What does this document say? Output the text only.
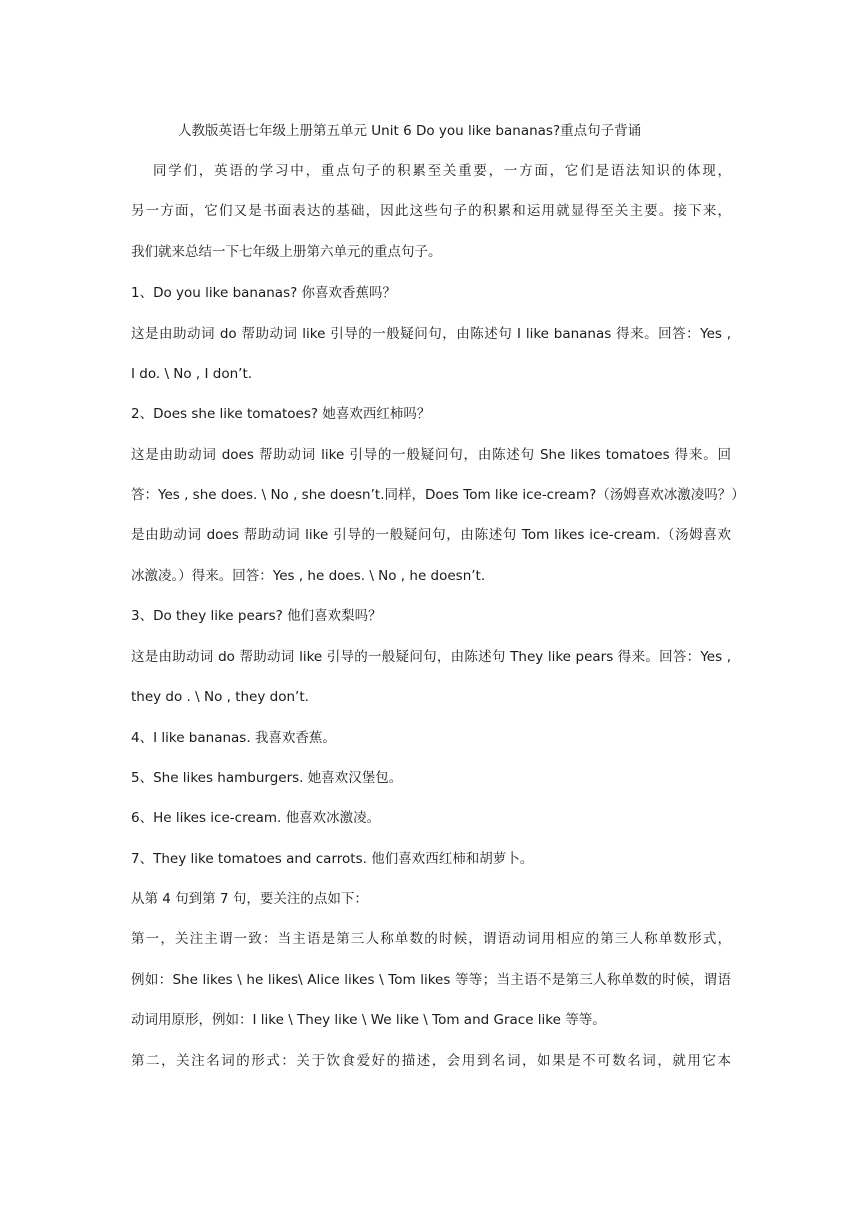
人教版英语七年级上册第五单元 Unit 6 Do you like bananas?重点句子背诵
同学们，英语的学习中，重点句子的积累至关重要，一方面，它们是语法知识的体现，
另一方面，它们又是书面表达的基础，因此这些句子的积累和运用就显得至关主要。接下来，
我们就来总结一下七年级上册第六单元的重点句子。
1、Do you like bananas? 你喜欢香蕉吗？
这是由助动词 do 帮助动词 like 引导的一般疑问句，由陈述句 I like bananas 得来。回答：Yes ,
I do. \ No , I don’t.
2、Does she like tomatoes? 她喜欢西红柿吗？
这是由助动词 does 帮助动词 like 引导的一般疑问句，由陈述句 She likes tomatoes 得来。回
答：Yes , she does. \ No , she doesn’t.同样，Does Tom like ice-cream?（汤姆喜欢冰激凌吗？）
是由助动词 does 帮助动词 like 引导的一般疑问句，由陈述句 Tom likes ice-cream.（汤姆喜欢
冰激凌。）得来。回答：Yes , he does. \ No , he doesn’t.
3、Do they like pears? 他们喜欢梨吗？
这是由助动词 do 帮助动词 like 引导的一般疑问句，由陈述句 They like pears 得来。回答：Yes ,
they do . \ No , they don’t.
4、I like bananas. 我喜欢香蕉。
5、She likes hamburgers. 她喜欢汉堡包。
6、He likes ice-cream. 他喜欢冰激凌。
7、They like tomatoes and carrots. 他们喜欢西红柿和胡萝卜。
从第 4 句到第 7 句，要关注的点如下：
第一，关注主谓一致：当主语是第三人称单数的时候，谓语动词用相应的第三人称单数形式，
例如：She likes \ he likes\ Alice likes \ Tom likes 等等；当主语不是第三人称单数的时候，谓语
动词用原形，例如：I like \ They like \ We like \ Tom and Grace like 等等。
第二，关注名词的形式：关于饮食爱好的描述，会用到名词，如果是不可数名词，就用它本
